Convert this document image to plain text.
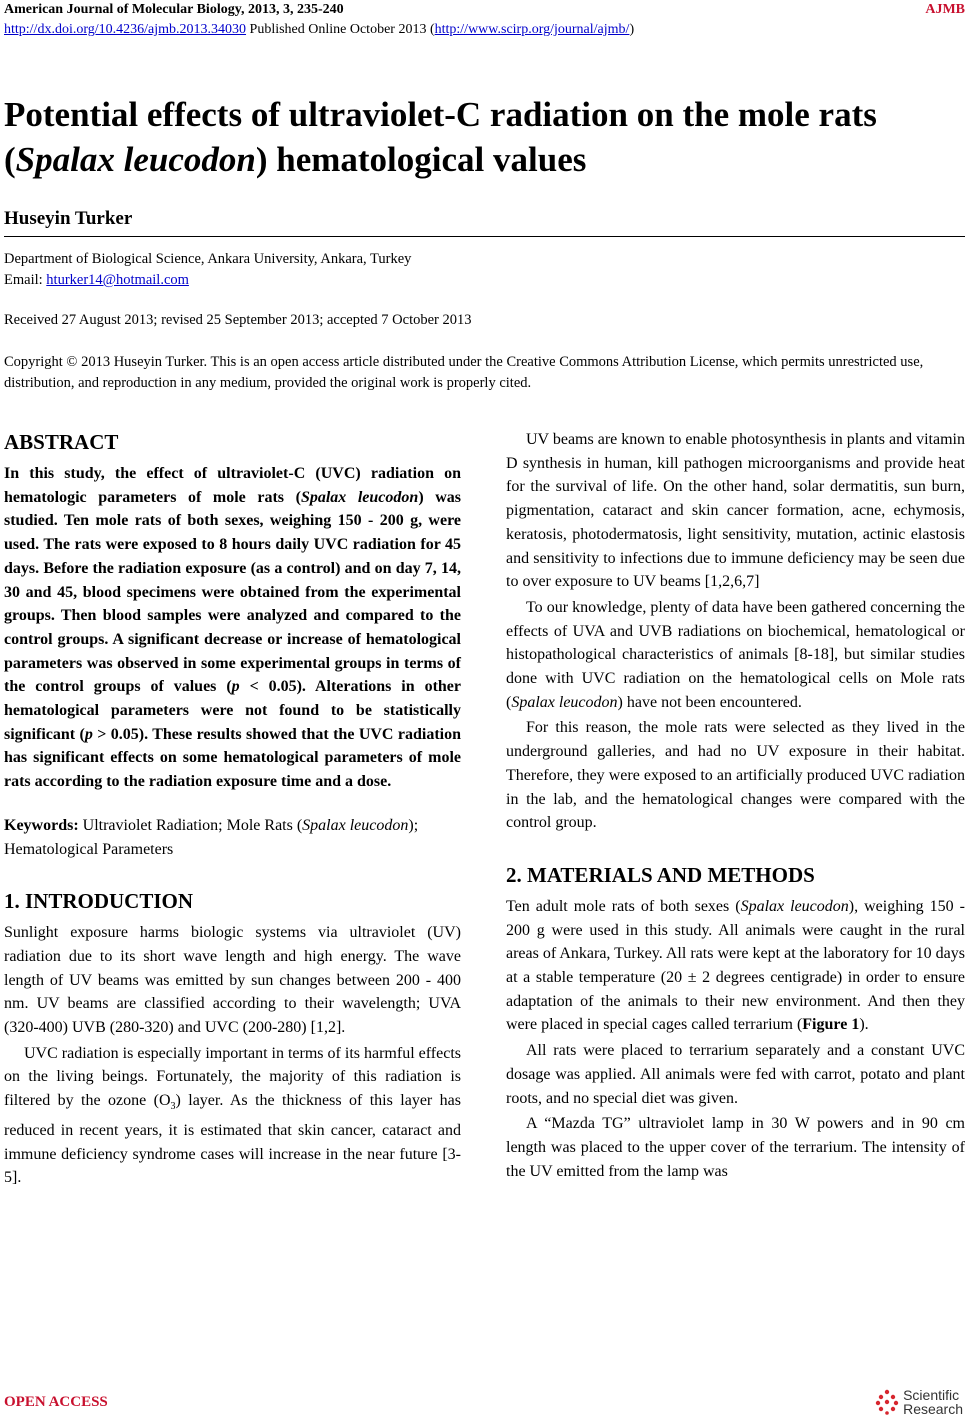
American Journal of Molecular Biology, 2013, 3, 235-240	AJMB
http://dx.doi.org/10.4236/ajmb.2013.34030 Published Online October 2013 (http://www.scirp.org/journal/ajmb/)
Potential effects of ultraviolet-C radiation on the mole rats
(Spalax leucodon) hematological values
Huseyin Turker
Department of Biological Science, Ankara University, Ankara, Turkey
Email: hturker14@hotmail.com
Received 27 August 2013; revised 25 September 2013; accepted 7 October 2013
Copyright © 2013 Huseyin Turker. This is an open access article distributed under the Creative Commons Attribution License, which permits unrestricted use, distribution, and reproduction in any medium, provided the original work is properly cited.
ABSTRACT

In this study, the effect of ultraviolet-C (UVC) radiation on hematologic parameters of mole rats (Spalax leucodon) was studied. Ten mole rats of both sexes, weighing 150 - 200 g, were used. The rats were exposed to 8 hours daily UVC radiation for 45 days. Before the radiation exposure (as a control) and on day 7, 14, 30 and 45, blood specimens were obtained from the experimental groups. Then blood samples were analyzed and compared to the control groups. A significant decrease or increase of hematological parameters was observed in some experimental groups in terms of the control groups of values (p < 0.05). Alterations in other hematological parameters were not found to be statistically significant (p > 0.05). These results showed that the UVC radiation has significant effects on some hematological parameters of mole rats according to the radiation exposure time and a dose.

Keywords: Ultraviolet Radiation; Mole Rats (Spalax leucodon); Hematological Parameters

1. INTRODUCTION

Sunlight exposure harms biologic systems via ultraviolet (UV) radiation due to its short wave length and high energy. The wave length of UV beams was emitted by sun changes between 200 - 400 nm. UV beams are classified according to their wavelength; UVA (320-400) UVB (280-320) and UVC (200-280) [1,2].

UVC radiation is especially important in terms of its harmful effects on the living beings. Fortunately, the majority of this radiation is filtered by the ozone $(O_3)$ layer. As the thickness of this layer has reduced in recent years, it is estimated that skin cancer, cataract and immune deficiency syndrome cases will increase in the near future [3-5].

UV beams are known to enable photosynthesis in plants and vitamin D synthesis in human, kill pathogen microorganisms and provide heat for the survival of life. On the other hand, solar dermatitis, sun burn, pigmentation, cataract and skin cancer formation, acne, echymosis, keratosis, photodermatosis, light sensitivity, mutation, actinic elastosis and sensitivity to infections due to immune deficiency may be seen due to over exposure to UV beams [1,2,6,7]

To our knowledge, plenty of data have been gathered concerning the effects of UVA and UVB radiations on biochemical, hematological or histopathological characteristics of animals [8-18], but similar studies done with UVC radiation on the hematological cells on Mole rats (Spalax leucodon) have not been encountered.

For this reason, the mole rats were selected as they lived in the underground galleries, and had no UV exposure in their habitat. Therefore, they were exposed to an artificially produced UVC radiation in the lab, and the hematological changes were compared with the control group.

2. MATERIALS AND METHODS

Ten adult mole rats of both sexes (Spalax leucodon), weighing 150 - 200 g were used in this study. All animals were caught in the rural areas of Ankara, Turkey. All rats were kept at the laboratory for 10 days at a stable temperature (20 ± 2 degrees centigrade) in order to ensure adaptation of the animals to their new environment. And then they were placed in special cages called terrarium (Figure 1).

All rats were placed to terrarium separately and a constant UVC dosage was applied. All animals were fed with carrot, potato and plant roots, and no special diet was given.

A “Mazda TG” ultraviolet lamp in 30 W powers and in 90 cm length was placed to the upper cover of the terrarium. The intensity of the UV emitted from the lamp was

OPEN ACCESS	Scientific
Research
